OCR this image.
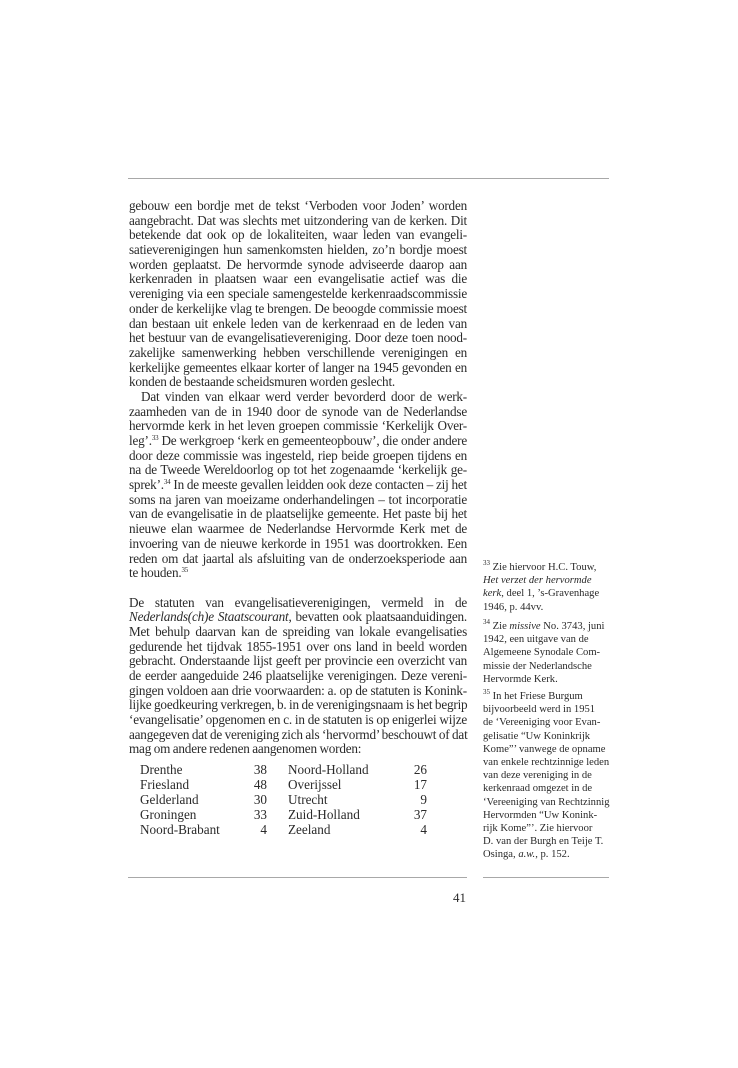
gebouw een bordje met de tekst ‘Verboden voor Joden’ worden
aangebracht. Dat was slechts met uitzondering van de kerken. Dit
betekende dat ook op de lokaliteiten, waar leden van evangeli-
satieverenigingen hun samenkomsten hielden, zo’n bordje moest
worden geplaatst. De hervormde synode adviseerde daarop aan
kerkenraden in plaatsen waar een evangelisatie actief was die
vereniging via een speciale samengestelde kerkenraadscommissie
onder de kerkelijke vlag te brengen. De beoogde commissie moest
dan bestaan uit enkele leden van de kerkenraad en de leden van
het bestuur van de evangelisatievereniging. Door deze toen nood-
zakelijke samenwerking hebben verschillende verenigingen en
kerkelijke gemeentes elkaar korter of langer na 1945 gevonden en
konden de bestaande scheidsmuren worden geslecht.
Dat vinden van elkaar werd verder bevorderd door de werk-
zaamheden van de in 1940 door de synode van de Nederlandse
hervormde kerk in het leven groepen commissie ‘Kerkelijk Over-
leg’.$^{33}$ De werkgroep ‘kerk en gemeenteopbouw’, die onder andere
door deze commissie was ingesteld, riep beide groepen tijdens en
na de Tweede Wereldoorlog op tot het zogenaamde ‘kerkelijk ge-
sprek’.$^{34}$ In de meeste gevallen leidden ook deze contacten – zij het
soms na jaren van moeizame onderhandelingen – tot incorporatie
van de evangelisatie in de plaatselijke gemeente. Het paste bij het
nieuwe elan waarmee de Nederlandse Hervormde Kerk met de
invoering van de nieuwe kerkorde in 1951 was doortrokken. Een
reden om dat jaartal als afsluiting van de onderzoeksperiode aan
te houden.$^{35}$
De statuten van evangelisatieverenigingen, vermeld in de
Nederlands(ch)e Staatscourant, bevatten ook plaatsaanduidingen.
Met behulp daarvan kan de spreiding van lokale evangelisaties
gedurende het tijdvak 1855-1951 over ons land in beeld worden
gebracht. Onderstaande lijst geeft per provincie een overzicht van
de eerder aangeduide 246 plaatselijke verenigingen. Deze vereni-
gingen voldoen aan drie voorwaarden: a. op de statuten is Konink-
lijke goedkeuring verkregen, b. in de verenigingsnaam is het begrip
‘evangelisatie’ opgenomen en c. in de statuten is op enigerlei wijze
aangegeven dat de vereniging zich als ‘hervormd’ beschouwt of dat
mag om andere redenen aangenomen worden:
Drenthe	38	Noord-Holland	26
Friesland	48	Overijssel	17
Gelderland	30	Utrecht	9
Groningen	33	Zuid-Holland	37
Noord-Brabant	4	Zeeland	4
$^{33}$ Zie hiervoor H.C. Touw,
Het verzet der hervormde
kerk, deel 1, ’s-Gravenhage
1946, p. 44vv.
$^{34}$ Zie missive No. 3743, juni
1942, een uitgave van de
Algemeene Synodale Com-
missie der Nederlandsche
Hervormde Kerk.
$^{35}$ In het Friese Burgum
bijvoorbeeld werd in 1951
de ‘Vereeniging voor Evan-
gelisatie “Uw Koninkrijk
Kome”’ vanwege de opname
van enkele rechtzinnige leden
van deze vereniging in de
kerkenraad omgezet in de
‘Vereeniging van Rechtzinnig
Hervormden “Uw Konink-
rijk Kome”’. Zie hiervoor
D. van der Burgh en Teije T.
Osinga, a.w., p. 152.
41
